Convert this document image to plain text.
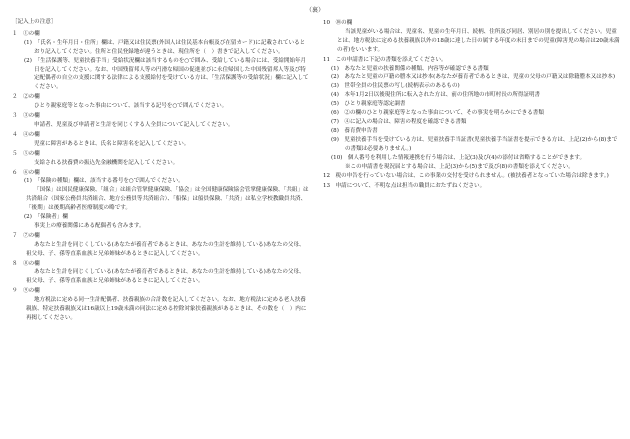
（裏）

［記入上の注意］

１　①の欄

(1)　「氏名・生年月日・住所」欄は、戸籍又は住民票(外国人は住民基本台帳及び在留カード)に記載されているとおり記入してください。住所と住民登録地が違うときは、現住所を（　）書きで記入してください。

(2)　「生活保護等、児童扶養手当」受給状況欄は該当するものを○で囲み、受給している場合には、受給開始年月日を記入してください。なお、中国残留邦人等の円滑な帰国の促進並びに永住帰国した中国残留邦人等及び特定配偶者の自立の支援に関する法律による支援給付を受けている方は、「生活保護等の受給状況」欄に記入してください。

２　②の欄

ひとり親家庭等となった事由について、該当する記号を○で囲んでください。

３　③の欄

申請者、児童及び申請者と生計を同じくする人全員について記入してください。

４　④の欄

児童に障害があるときは、氏名と障害名を記入してください。

５　⑤の欄

支給される扶養費の振込先金融機関を記入してください。

６　⑥の欄

(1)　「保険の種類」欄は、該当する番号を○で囲んでください。

「国保」は国民健康保険、「組合」は組合管掌健康保険、「協会」は全国健康保険協会管掌健康保険、「共組」は共済組合（国家公務員共済組合、地方公務員等共済組合）、「船保」は船員保険、「共済」は私立学校教職員共済、「後期」は後期高齢者医療制度の略です。

(2)　「保険者」欄

事実上の療養関係にある配偶者も含みます。

７　⑦の欄

あなたと生計を同じくしている(あなたが養育者であるときは、あなたの生計を維持している)あなたの父母、祖父母、子、孫等直系血族と兄弟姉妹があるときに記入してください。

８　⑧の欄

あなたと生計を同じくしている(あなたが養育者であるときは、あなたの生計を維持している)あなたの父母、祖父母、子、孫等直系血族と兄弟姉妹があるときに記入してください。

９　⑨の欄

地方税法に定める同一生計配偶者、扶養親族の合計数を記入してください。なお、地方税法に定める老人扶養親族、特定扶養親族又は16歳以上19歳未満の同法に定める控除対象扶養親族があるときは、その数を（　）内に再掲してください。

10　⑩の欄

当該児童がいる場合は、児童名、児童の生年月日、続柄、住所及び同居、別居の別を提出してください。児童とは、地方税法に定める扶養親族以外の18歳に達した日の属する年度の末日までの児童(障害児の場合は20歳未満の者)をいいます。

11　この申請書に下記の書類を添えてください。

(1)　あなたと児童の扶養関係の種類、内容等が確認できる書類

(2)　あなたと児童の戸籍の謄本又は抄本(あなたが養育者であるときは、児童の父母の戸籍又は除籍謄本又は抄本)

(3)　世帯全員の住民票の写し(続柄表示のあるもの)

(4)　本年1月2日以後現住所に転入された方は、前の住所地の市町村長の所得証明書

(5)　ひとり親家庭等認定調書

(6)　②の欄のひとり親家庭等となった事由について、その事実を明らかにできる書類

(7)　④に記入の場合は、障害の程度を確認できる書類

(8)　養育費申告書

(9)　児童扶養手当を受けている方は、児童扶養手当証書(児童扶養手当証書を提示できる方は、上記(2)から(8)までの書類は必要ありません。)

(10)　個人番号を利用した情報連携を行う場合は、上記(3)及び(4)の添付は省略することができます。

※この申請書を現況届とする場合は、上記(3)から(5)まで及び(8)の書類を添えてください。

12　税の申告を行っていない場合は、この事業の交付を受けられません。(被扶養者となっていた場合は除きます。)

13　申請について、不明な点は担当の職員におたずねください。
